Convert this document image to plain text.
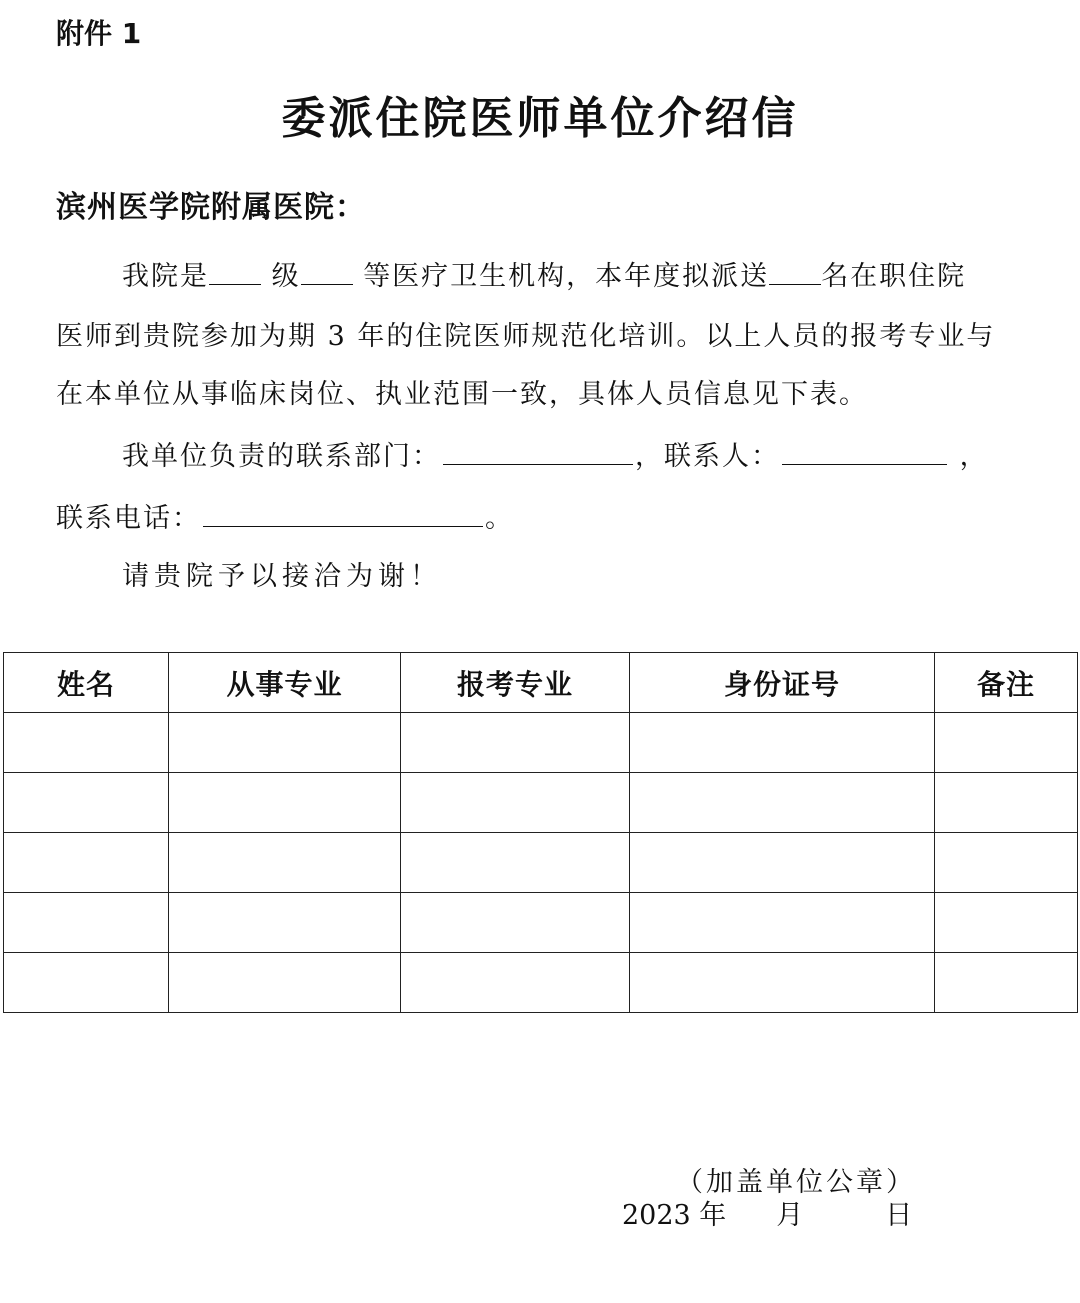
附件 1
委派住院医师单位介绍信
滨州医学院附属医院：
我院是 级 等医疗卫生机构，本年度拟派送 名在职住院
医师到贵院参加为期 3 年的住院医师规范化培训。以上人员的报考专业与
在本单位从事临床岗位、执业范围一致，具体人员信息见下表。
我单位负责的联系部门：	，联系人：	，
联系电话：	。
请贵院予以接洽为谢！
姓名	从事专业	报考专业	身份证号	备注

（加盖单位公章）
2023 年 月	日
